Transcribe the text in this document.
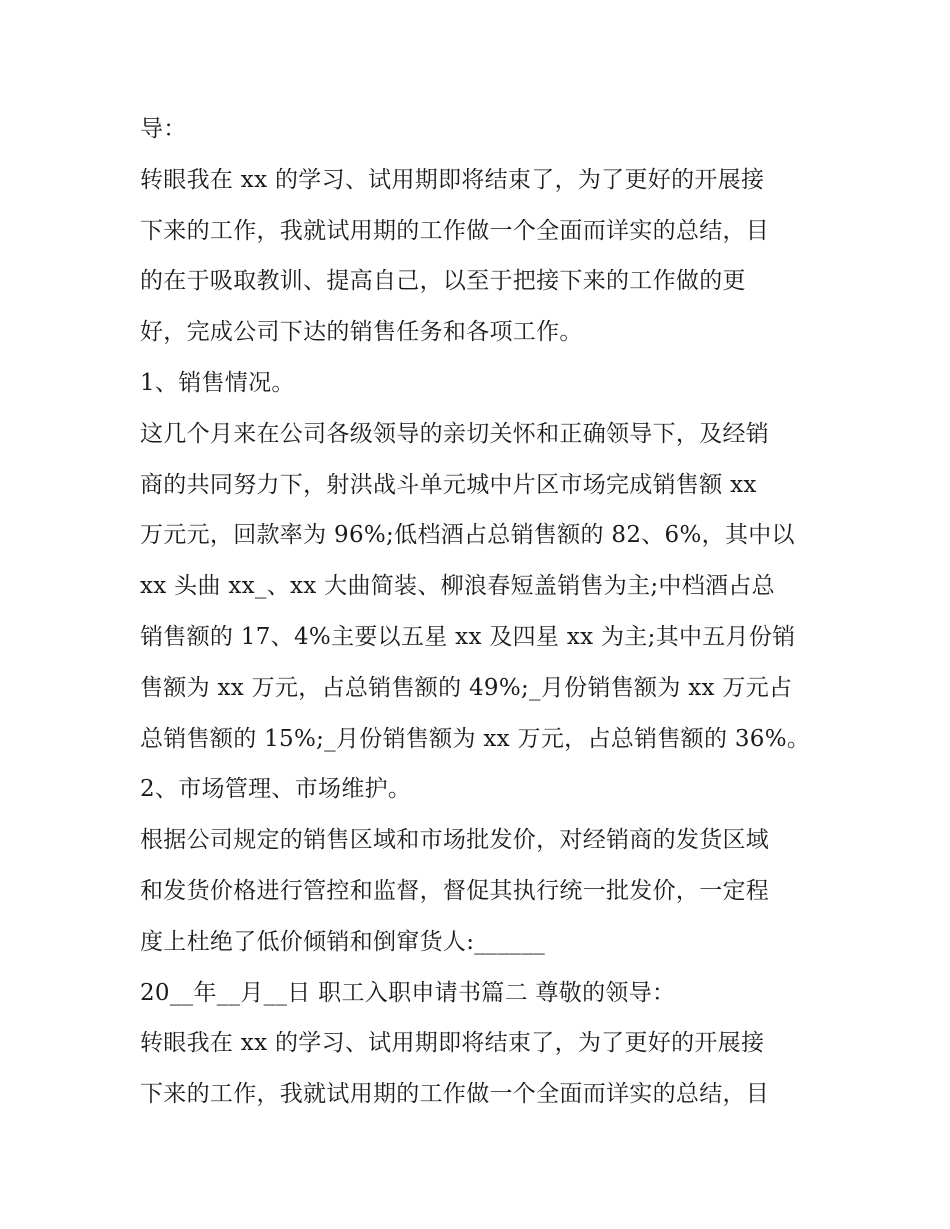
导：
转眼我在 xx 的学习、试用期即将结束了，为了更好的开展接
下来的工作，我就试用期的工作做一个全面而详实的总结，目
的在于吸取教训、提高自己，以至于把接下来的工作做的更
好，完成公司下达的销售任务和各项工作。
1、销售情况。
这几个月来在公司各级领导的亲切关怀和正确领导下，及经销
商的共同努力下，射洪战斗单元城中片区市场完成销售额 xx
万元元，回款率为 96%;低档酒占总销售额的 82、6%，其中以
xx 头曲 xx_、xx 大曲简装、柳浪春短盖销售为主;中档酒占总
销售额的 17、4%主要以五星 xx 及四星 xx 为主;其中五月份销
售额为 xx 万元，占总销售额的 49%;_月份销售额为 xx 万元占
总销售额的 15%;_月份销售额为 xx 万元，占总销售额的 36%。
2、市场管理、市场维护。
根据公司规定的销售区域和市场批发价，对经销商的发货区域
和发货价格进行管控和监督，督促其执行统一批发价，一定程
度上杜绝了低价倾销和倒窜货人:______
20__年__月__日 职工入职申请书篇二 尊敬的领导：
转眼我在 xx 的学习、试用期即将结束了，为了更好的开展接
下来的工作，我就试用期的工作做一个全面而详实的总结，目
